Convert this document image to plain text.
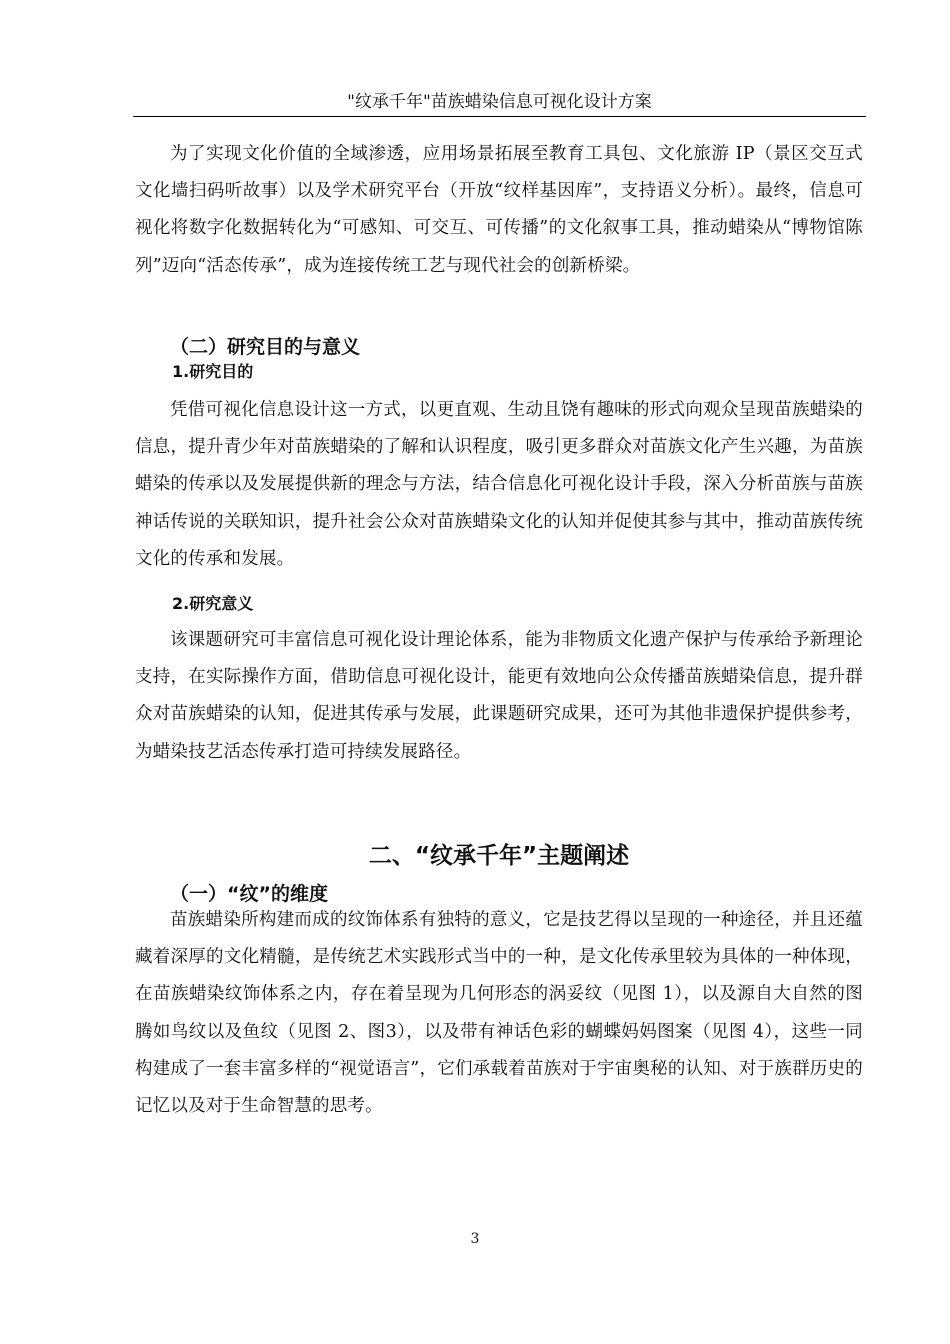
"纹承千年"苗族蜡染信息可视化设计方案

为了实现文化价值的全域渗透，应用场景拓展至教育工具包、文化旅游 IP（景区交互式文化墙扫码听故事）以及学术研究平台（开放“纹样基因库”，支持语义分析）。最终，信息可视化将数字化数据转化为“可感知、可交互、可传播”的文化叙事工具，推动蜡染从“博物馆陈列”迈向“活态传承”，成为连接传统工艺与现代社会的创新桥梁。

（二）研究目的与意义
1.研究目的

凭借可视化信息设计这一方式，以更直观、生动且饶有趣味的形式向观众呈现苗族蜡染的信息，提升青少年对苗族蜡染的了解和认识程度，吸引更多群众对苗族文化产生兴趣，为苗族蜡染的传承以及发展提供新的理念与方法，结合信息化可视化设计手段，深入分析苗族与苗族神话传说的关联知识，提升社会公众对苗族蜡染文化的认知并促使其参与其中，推动苗族传统文化的传承和发展。

2.研究意义

该课题研究可丰富信息可视化设计理论体系，能为非物质文化遗产保护与传承给予新理论支持，在实际操作方面，借助信息可视化设计，能更有效地向公众传播苗族蜡染信息，提升群众对苗族蜡染的认知，促进其传承与发展，此课题研究成果，还可为其他非遗保护提供参考，为蜡染技艺活态传承打造可持续发展路径。

二、“纹承千年”主题阐述
（一）“纹”的维度

苗族蜡染所构建而成的纹饰体系有独特的意义，它是技艺得以呈现的一种途径，并且还蕴藏着深厚的文化精髓，是传统艺术实践形式当中的一种，是文化传承里较为具体的一种体现，在苗族蜡染纹饰体系之内，存在着呈现为几何形态的涡妥纹（见图 1），以及源自大自然的图腾如鸟纹以及鱼纹（见图 2、图3），以及带有神话色彩的蝴蝶妈妈图案（见图 4），这些一同构建成了一套丰富多样的“视觉语言”，它们承载着苗族对于宇宙奥秘的认知、对于族群历史的记忆以及对于生命智慧的思考。

3
